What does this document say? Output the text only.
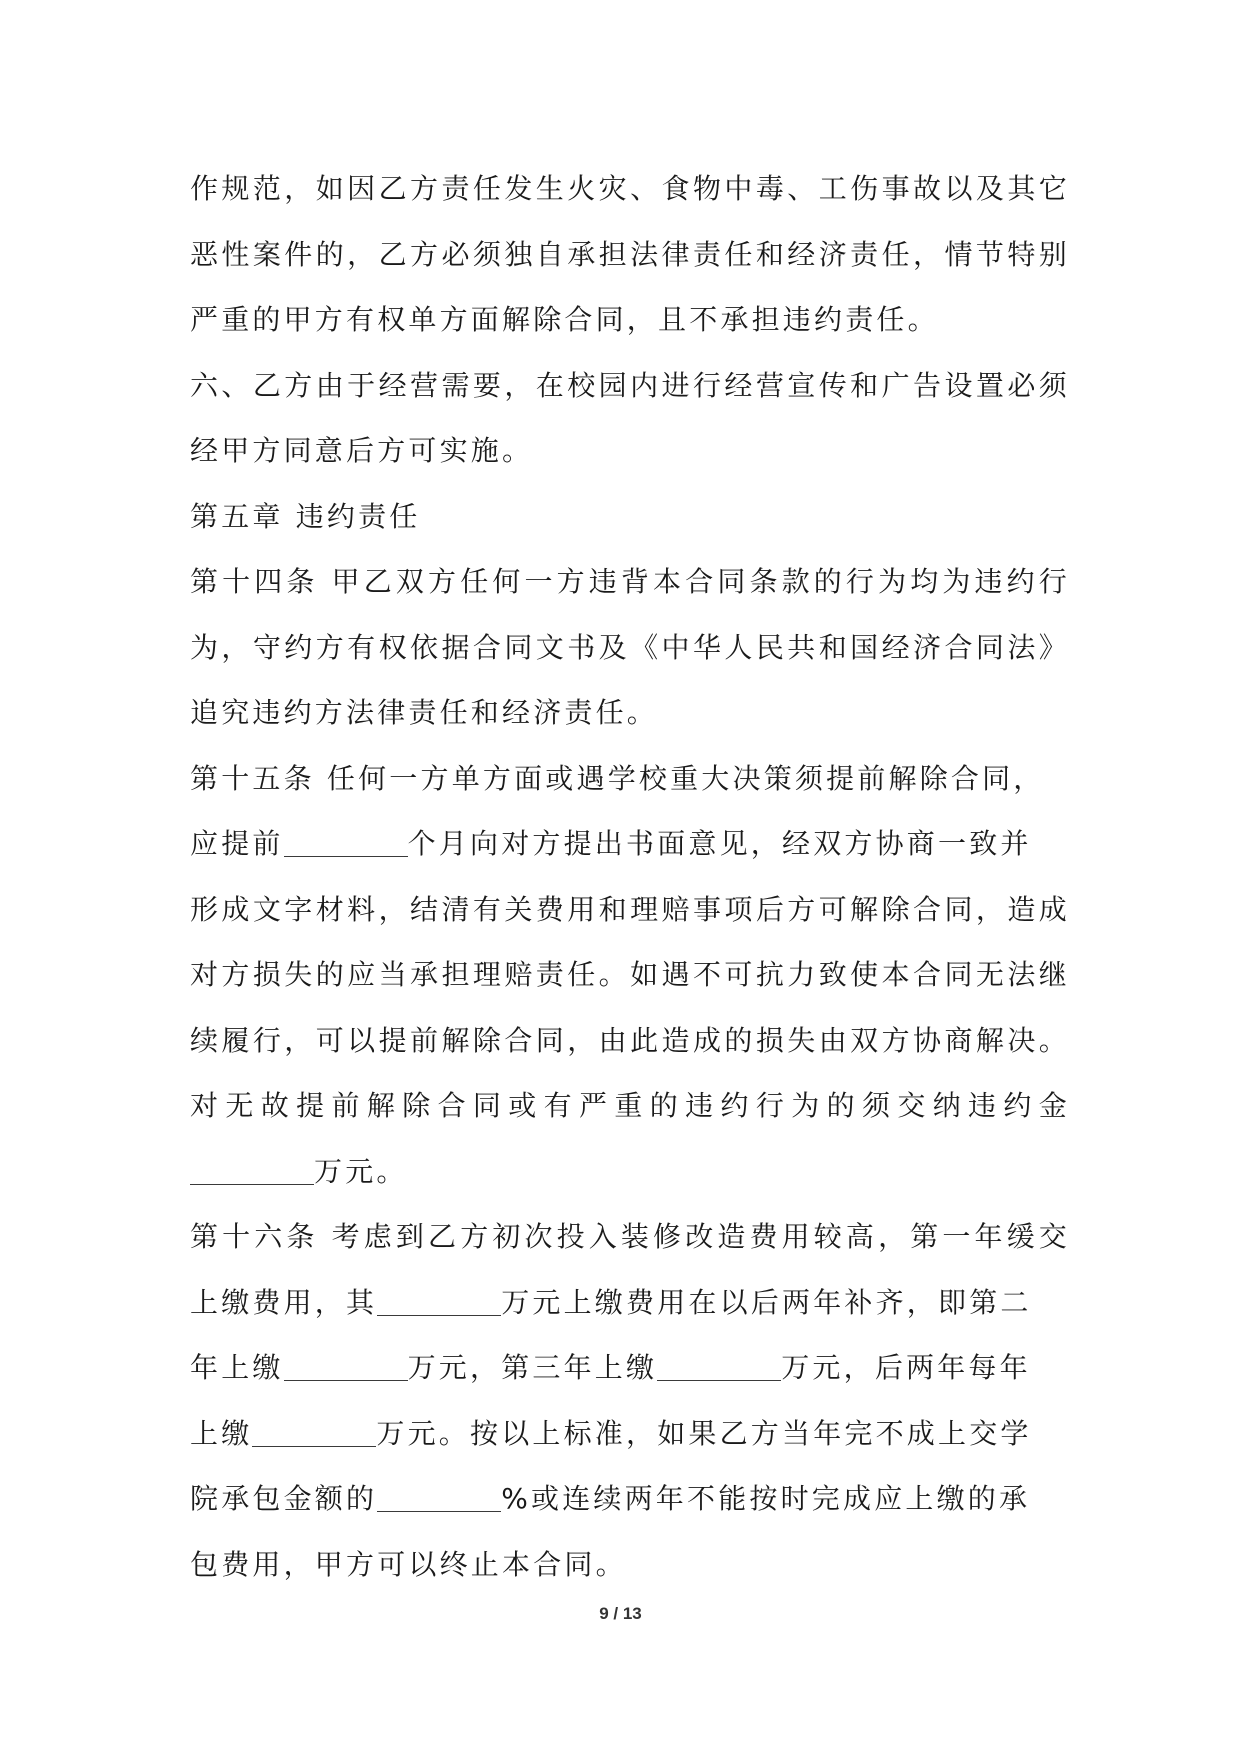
作规范，如因乙方责任发生火灾、食物中毒、工伤事故以及其它
恶性案件的，乙方必须独自承担法律责任和经济责任，情节特别
严重的甲方有权单方面解除合同，且不承担违约责任。
六、乙方由于经营需要，在校园内进行经营宣传和广告设置必须
经甲方同意后方可实施。
第五章 违约责任
第十四条 甲乙双方任何一方违背本合同条款的行为均为违约行
为，守约方有权依据合同文书及《中华人民共和国经济合同法》
追究违约方法律责任和经济责任。
第十五条 任何一方单方面或遇学校重大决策须提前解除合同，
应提前	个月向对方提出书面意见，经双方协商一致并
形成文字材料，结清有关费用和理赔事项后方可解除合同，造成
对方损失的应当承担理赔责任。如遇不可抗力致使本合同无法继
续履行，可以提前解除合同，由此造成的损失由双方协商解决。
对无故提前解除合同或有严重的违约行为的须交纳违约金
万元。
第十六条 考虑到乙方初次投入装修改造费用较高，第一年缓交
上缴费用，其	万元上缴费用在以后两年补齐，即第二
年上缴	万元，第三年上缴	万元，后两年每年
上缴	万元。按以上标准，如果乙方当年完不成上交学
院承包金额的	%或连续两年不能按时完成应上缴的承
包费用，甲方可以终止本合同。
9 / 13
